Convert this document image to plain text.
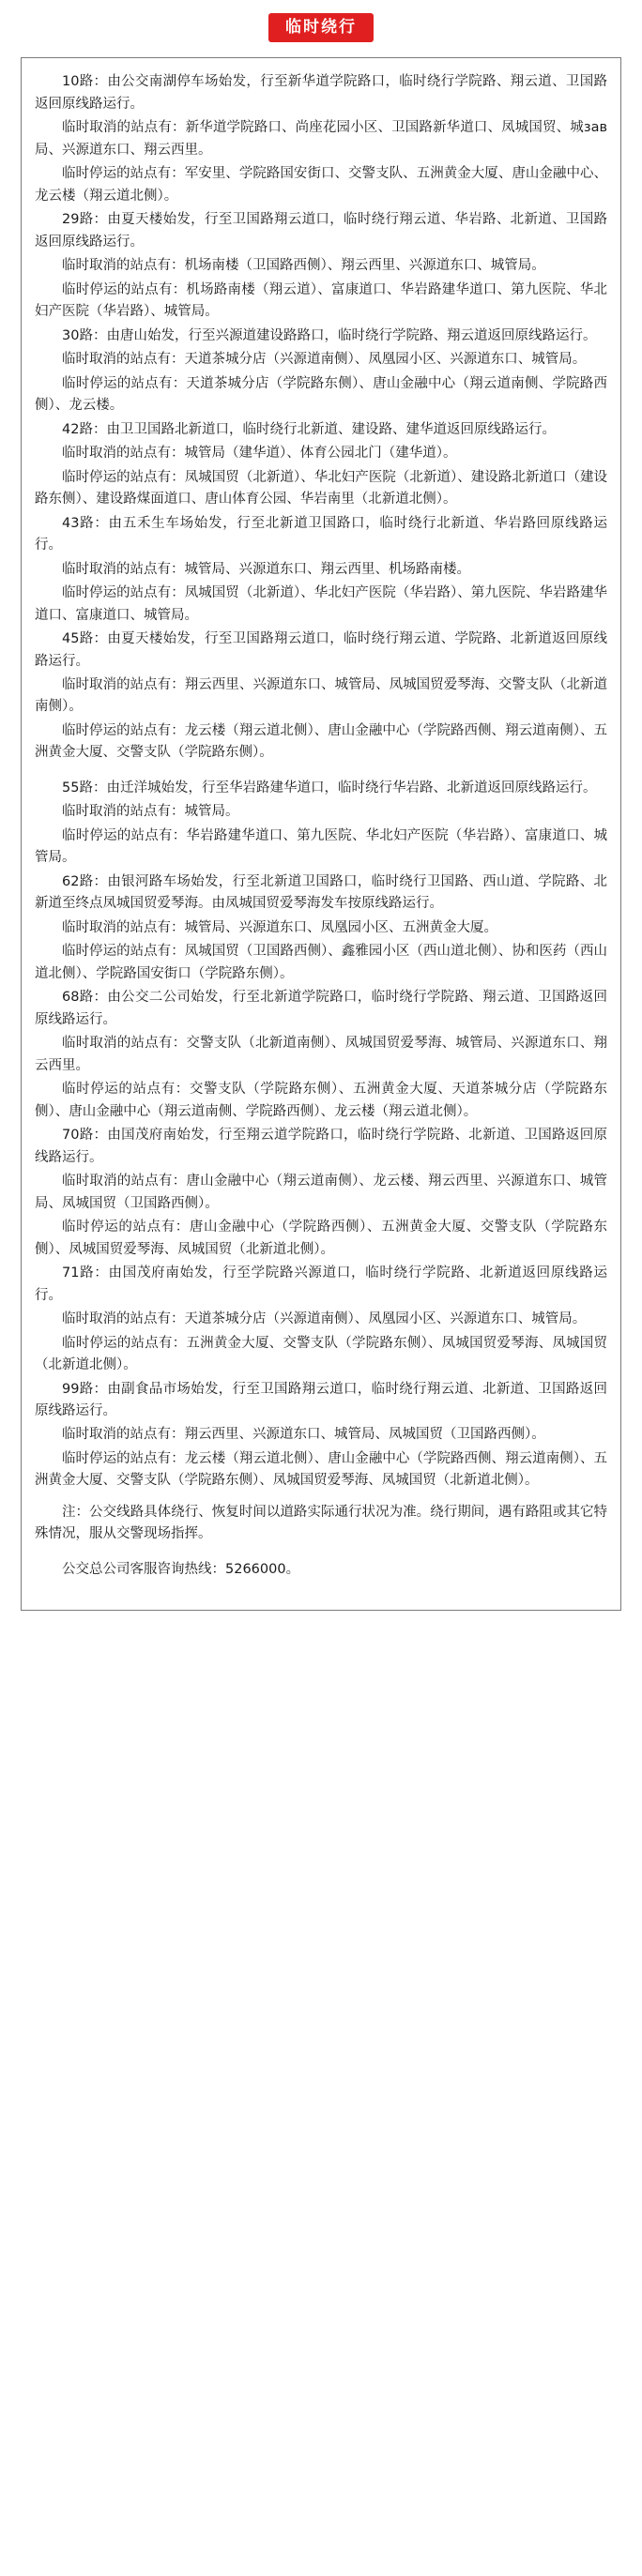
临时绕行

10路：由公交南湖停车场始发，行至新华道学院路口，临时绕行学院路、翔云道、卫国路返回原线路运行。

临时取消的站点有：新华道学院路口、尚座花园小区、卫国路新华道口、凤城国贸、城зав局、兴源道东口、翔云西里。

临时停运的站点有：军安里、学院路国安街口、交警支队、五洲黄金大厦、唐山金融中心、龙云楼（翔云道北侧）。

29路：由夏天楼始发，行至卫国路翔云道口，临时绕行翔云道、华岩路、北新道、卫国路返回原线路运行。

临时取消的站点有：机场南楼（卫国路西侧）、翔云西里、兴源道东口、城管局。

临时停运的站点有：机场路南楼（翔云道）、富康道口、华岩路建华道口、第九医院、华北妇产医院（华岩路）、城管局。

30路：由唐山始发，行至兴源道建设路路口，临时绕行学院路、翔云道返回原线路运行。

临时取消的站点有：天道茶城分店（兴源道南侧）、凤凰园小区、兴源道东口、城管局。

临时停运的站点有：天道茶城分店（学院路东侧）、唐山金融中心（翔云道南侧、学院路西侧）、龙云楼。

42路：由卫卫国路北新道口，临时绕行北新道、建设路、建华道返回原线路运行。

临时取消的站点有：城管局（建华道）、体育公园北门（建华道）。

临时停运的站点有：凤城国贸（北新道）、华北妇产医院（北新道）、建设路北新道口（建设路东侧）、建设路煤面道口、唐山体育公园、华岩南里（北新道北侧）。

43路：由五禾生车场始发，行至北新道卫国路口，临时绕行北新道、华岩路回原线路运行。

临时取消的站点有：城管局、兴源道东口、翔云西里、机场路南楼。

临时停运的站点有：凤城国贸（北新道）、华北妇产医院（华岩路）、第九医院、华岩路建华道口、富康道口、城管局。

45路：由夏天楼始发，行至卫国路翔云道口，临时绕行翔云道、学院路、北新道返回原线路运行。

临时取消的站点有：翔云西里、兴源道东口、城管局、凤城国贸爱琴海、交警支队（北新道南侧）。

临时停运的站点有：龙云楼（翔云道北侧）、唐山金融中心（学院路西侧、翔云道南侧）、五洲黄金大厦、交警支队（学院路东侧）。

55路：由迁洋城始发，行至华岩路建华道口，临时绕行华岩路、北新道返回原线路运行。

临时取消的站点有：城管局。

临时停运的站点有：华岩路建华道口、第九医院、华北妇产医院（华岩路）、富康道口、城管局。

62路：由银河路车场始发，行至北新道卫国路口，临时绕行卫国路、西山道、学院路、北新道至终点凤城国贸爱琴海。由凤城国贸爱琴海发车按原线路运行。

临时取消的站点有：城管局、兴源道东口、凤凰园小区、五洲黄金大厦。

临时停运的站点有：凤城国贸（卫国路西侧）、鑫雅园小区（西山道北侧）、协和医药（西山道北侧）、学院路国安街口（学院路东侧）。

68路：由公交二公司始发，行至北新道学院路口，临时绕行学院路、翔云道、卫国路返回原线路运行。

临时取消的站点有：交警支队（北新道南侧）、凤城国贸爱琴海、城管局、兴源道东口、翔云西里。

临时停运的站点有：交警支队（学院路东侧）、五洲黄金大厦、天道茶城分店（学院路东侧）、唐山金融中心（翔云道南侧、学院路西侧）、龙云楼（翔云道北侧）。

70路：由国茂府南始发，行至翔云道学院路口，临时绕行学院路、北新道、卫国路返回原线路运行。

临时取消的站点有：唐山金融中心（翔云道南侧）、龙云楼、翔云西里、兴源道东口、城管局、凤城国贸（卫国路西侧）。

临时停运的站点有：唐山金融中心（学院路西侧）、五洲黄金大厦、交警支队（学院路东侧）、凤城国贸爱琴海、凤城国贸（北新道北侧）。

71路：由国茂府南始发，行至学院路兴源道口，临时绕行学院路、北新道返回原线路运行。

临时取消的站点有：天道茶城分店（兴源道南侧）、凤凰园小区、兴源道东口、城管局。

临时停运的站点有：五洲黄金大厦、交警支队（学院路东侧）、凤城国贸爱琴海、凤城国贸（北新道北侧）。

99路：由副食品市场始发，行至卫国路翔云道口，临时绕行翔云道、北新道、卫国路返回原线路运行。

临时取消的站点有：翔云西里、兴源道东口、城管局、凤城国贸（卫国路西侧）。

临时停运的站点有：龙云楼（翔云道北侧）、唐山金融中心（学院路西侧、翔云道南侧）、五洲黄金大厦、交警支队（学院路东侧）、凤城国贸爱琴海、凤城国贸（北新道北侧）。

注：公交线路具体绕行、恢复时间以道路实际通行状况为准。绕行期间，遇有路阻或其它特殊情况，服从交警现场指挥。

公交总公司客服咨询热线：5266000。
